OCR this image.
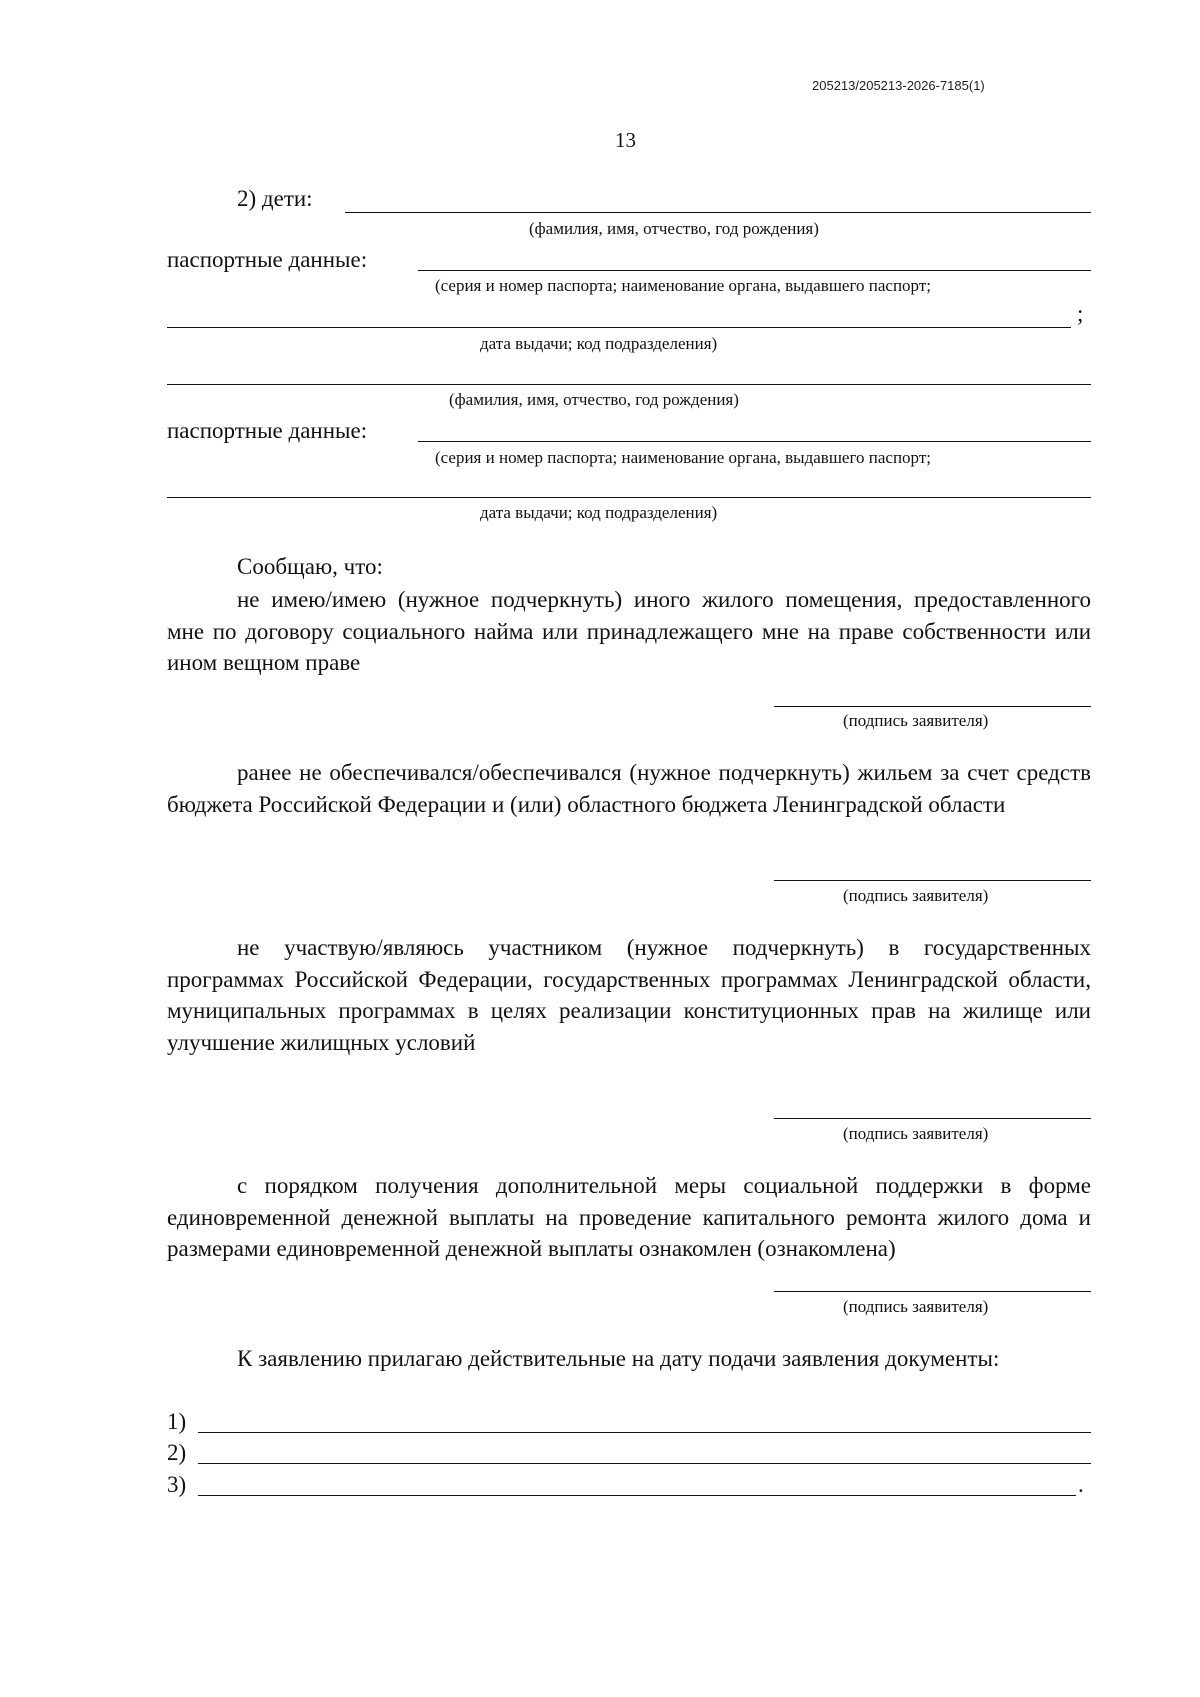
205213/205213-2026-7185(1)
13
2) дети:
(фамилия, имя, отчество, год рождения)
паспортные данные:
(серия и номер паспорта; наименование органа, выдавшего паспорт;
;
дата выдачи; код подразделения)
(фамилия, имя, отчество, год рождения)
паспортные данные:
(серия и номер паспорта; наименование органа, выдавшего паспорт;
дата выдачи; код подразделения)
Сообщаю, что:
не имею/имею (нужное подчеркнуть) иного жилого помещения, предоставленного мне по договору социального найма или принадлежащего мне на праве собственности или ином вещном праве
(подпись заявителя)
ранее не обеспечивался/обеспечивался (нужное подчеркнуть) жильем за счет средств бюджета Российской Федерации и (или) областного бюджета Ленинградской области
(подпись заявителя)
не участвую/являюсь участником (нужное подчеркнуть) в государственных программах Российской Федерации, государственных программах Ленинградской области, муниципальных программах в целях реализации конституционных прав на жилище или улучшение жилищных условий
(подпись заявителя)
с порядком получения дополнительной меры социальной поддержки в форме единовременной денежной выплаты на проведение капитального ремонта жилого дома и размерами единовременной денежной выплаты ознакомлен (ознакомлена)
(подпись заявителя)
К заявлению прилагаю действительные на дату подачи заявления документы:
1)
2)
3)	.
